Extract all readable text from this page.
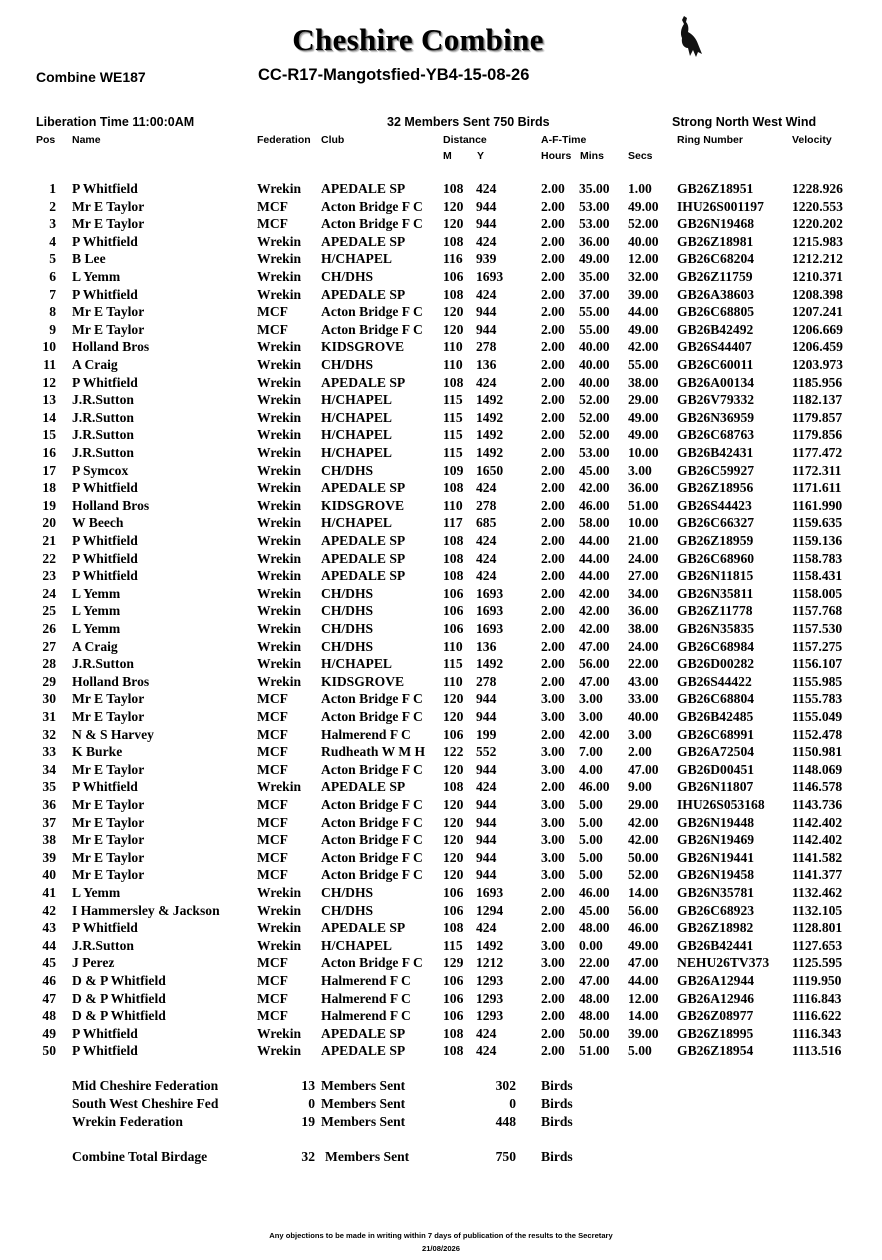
Cheshire Combine
Combine WE187	CC-R17-Mangotsfied-YB4-15-08-26
Liberation Time 11:00:0AM	32 Members Sent 750 Birds	Strong North West Wind
Pos Name	Federation Club	Distance
M Y
A-F-Time
Hours Mins Secs
Ring Number	Velocity
1 P Whitfield	Wrekin APEDALE SP	108 424	2.00 35.00 1.00 GB26Z18951	1228.926
2 Mr E Taylor	MCF Acton Bridge F C 120 944	2.00 53.00 49.00 IHU26S001197 1220.553
3 Mr E Taylor	MCF Acton Bridge F C 120 944	2.00 53.00 52.00 GB26N19468	1220.202
4 P Whitfield	Wrekin APEDALE SP	108 424	2.00 36.00 40.00 GB26Z18981	1215.983
5 B Lee	Wrekin H/CHAPEL	116 939	2.00 49.00 12.00 GB26C68204	1212.212
6 L Yemm	Wrekin CH/DHS	106 1693	2.00 35.00 32.00 GB26Z11759	1210.371
7 P Whitfield	Wrekin APEDALE SP	108 424	2.00 37.00 39.00 GB26A38603	1208.398
8 Mr E Taylor	MCF Acton Bridge F C 120 944	2.00 55.00 44.00 GB26C68805	1207.241
9 Mr E Taylor	MCF Acton Bridge F C 120 944	2.00 55.00 49.00 GB26B42492	1206.669
10 Holland Bros	Wrekin KIDSGROVE	110 278	2.00 40.00 42.00 GB26S44407	1206.459
11 A Craig	Wrekin CH/DHS	110 136	2.00 40.00 55.00 GB26C60011	1203.973
12 P Whitfield	Wrekin APEDALE SP	108 424	2.00 40.00 38.00 GB26A00134	1185.956
13 J.R.Sutton	Wrekin H/CHAPEL	115 1492	2.00 52.00 29.00 GB26V79332	1182.137
14 J.R.Sutton	Wrekin H/CHAPEL	115 1492	2.00 52.00 49.00 GB26N36959	1179.857
15 J.R.Sutton	Wrekin H/CHAPEL	115 1492	2.00 52.00 49.00 GB26C68763	1179.856
16 J.R.Sutton	Wrekin H/CHAPEL	115 1492	2.00 53.00 10.00 GB26B42431	1177.472
17 P Symcox	Wrekin CH/DHS	109 1650	2.00 45.00 3.00 GB26C59927	1172.311
18 P Whitfield	Wrekin APEDALE SP	108 424	2.00 42.00 36.00 GB26Z18956	1171.611
19 Holland Bros	Wrekin KIDSGROVE	110 278	2.00 46.00 51.00 GB26S44423	1161.990
20 W Beech	Wrekin H/CHAPEL	117 685	2.00 58.00 10.00 GB26C66327	1159.635
21 P Whitfield	Wrekin APEDALE SP	108 424	2.00 44.00 21.00 GB26Z18959	1159.136
22 P Whitfield	Wrekin APEDALE SP	108 424	2.00 44.00 24.00 GB26C68960	1158.783
23 P Whitfield	Wrekin APEDALE SP	108 424	2.00 44.00 27.00 GB26N11815	1158.431
24 L Yemm	Wrekin CH/DHS	106 1693	2.00 42.00 34.00 GB26N35811	1158.005
25 L Yemm	Wrekin CH/DHS	106 1693	2.00 42.00 36.00 GB26Z11778	1157.768
26 L Yemm	Wrekin CH/DHS	106 1693	2.00 42.00 38.00 GB26N35835	1157.530
27 A Craig	Wrekin CH/DHS	110 136	2.00 47.00 24.00 GB26C68984	1157.275
28 J.R.Sutton	Wrekin H/CHAPEL	115 1492	2.00 56.00 22.00 GB26D00282	1156.107
29 Holland Bros	Wrekin KIDSGROVE	110 278	2.00 47.00 43.00 GB26S44422	1155.985
30 Mr E Taylor	MCF Acton Bridge F C 120 944	3.00 3.00 33.00 GB26C68804	1155.783
31 Mr E Taylor	MCF Acton Bridge F C 120 944	3.00 3.00 40.00 GB26B42485	1155.049
32 N & S Harvey	MCF Halmerend F C 106 199	2.00 42.00 3.00 GB26C68991	1152.478
33 K Burke	MCF Rudheath W M H 122 552	3.00 7.00 2.00 GB26A72504	1150.981
34 Mr E Taylor	MCF Acton Bridge F C 120 944	3.00 4.00 47.00 GB26D00451	1148.069
35 P Whitfield	Wrekin APEDALE SP	108 424	2.00 46.00 9.00 GB26N11807	1146.578
36 Mr E Taylor	MCF Acton Bridge F C 120 944	3.00 5.00 29.00 IHU26S053168 1143.736
37 Mr E Taylor	MCF Acton Bridge F C 120 944	3.00 5.00 42.00 GB26N19448	1142.402
38 Mr E Taylor	MCF Acton Bridge F C 120 944	3.00 5.00 42.00 GB26N19469	1142.402
39 Mr E Taylor	MCF Acton Bridge F C 120 944	3.00 5.00 50.00 GB26N19441	1141.582
40 Mr E Taylor	MCF Acton Bridge F C 120 944	3.00 5.00 52.00 GB26N19458	1141.377
41 L Yemm	Wrekin CH/DHS	106 1693	2.00 46.00 14.00 GB26N35781	1132.462
42 I Hammersley & Jackson	Wrekin CH/DHS	106 1294	2.00 45.00 56.00 GB26C68923	1132.105
43 P Whitfield	Wrekin APEDALE SP	108 424	2.00 48.00 46.00 GB26Z18982	1128.801
44 J.R.Sutton	Wrekin H/CHAPEL	115 1492	3.00 0.00 49.00 GB26B42441	1127.653
45 J Perez	MCF Acton Bridge F C 129 1212	3.00 22.00 47.00 NEHU26TV373 1125.595
46 D & P Whitfield	MCF Halmerend F C 106 1293	2.00 47.00 44.00 GB26A12944	1119.950
47 D & P Whitfield	MCF Halmerend F C 106 1293	2.00 48.00 12.00 GB26A12946	1116.843
48 D & P Whitfield	MCF Halmerend F C 106 1293	2.00 48.00 14.00 GB26Z08977	1116.622
49 P Whitfield	Wrekin APEDALE SP	108 424	2.00 50.00 39.00 GB26Z18995	1116.343
50 P Whitfield	Wrekin APEDALE SP	108 424	2.00 51.00 5.00 GB26Z18954	1113.516
Mid Cheshire Federation	13 Members Sent	302 Birds
South West Cheshire Fed	0 Members Sent	0 Birds
Wrekin Federation	19 Members Sent	448 Birds
Combine Total Birdage	32 Members Sent	750 Birds
Any objections to be made in writing within 7 days of publication of the results to the Secretary
21/08/2026
